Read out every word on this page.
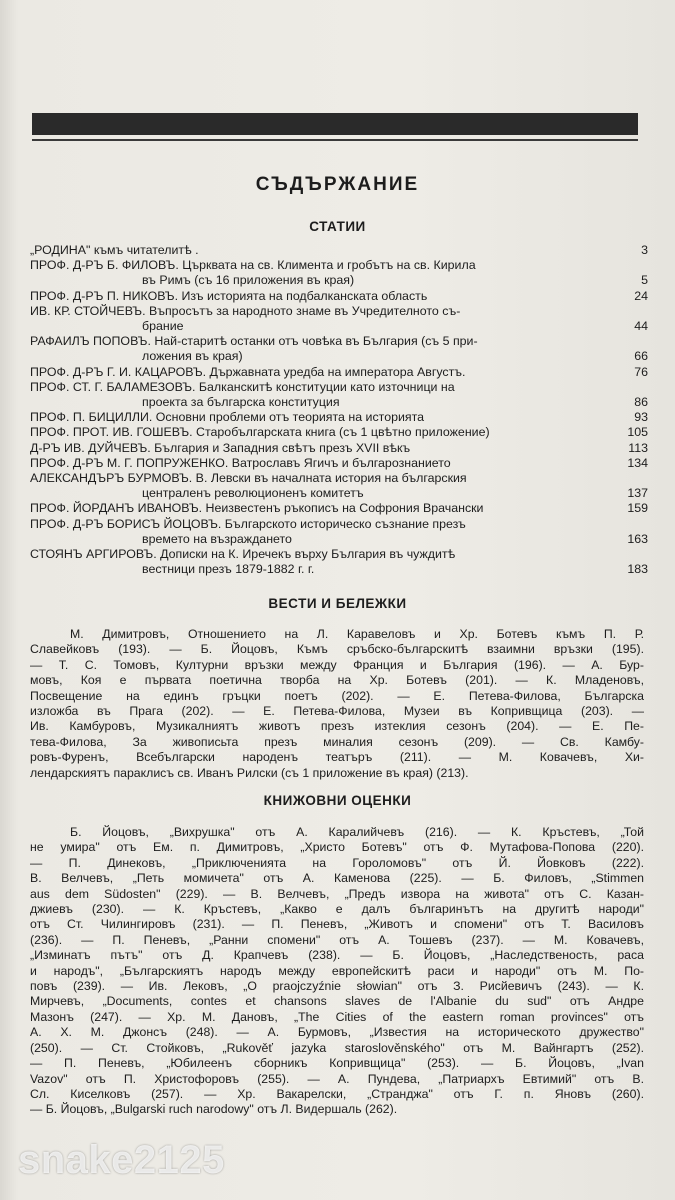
СЪДЪРЖАНИЕ
СТАТИИ
„РОДИНА" къмъ читателитѣ .	3
ПРОФ. Д-РЪ Б. ФИЛОВЪ. Църквата на св. Климента и гробътъ на св. Кирила
въ Римъ (съ 16 приложения въ края)	5
ПРОФ. Д-РЪ П. НИКОВЪ. Изъ историята на подбалканската область	24
ИВ. КР. СТОЙЧЕВЪ. Въпросътъ за народното знаме въ Учредителното съ-
брание	44
РАФАИЛЪ ПОПОВЪ. Най-старитѣ останки отъ човѣка въ България (съ 5 при-
ложения въ края)	66
ПРОФ. Д-РЪ Г. И. КАЦАРОВЪ. Държавната уредба на императора Августъ.	76
ПРОФ. СТ. Г. БАЛАМЕЗОВЪ. Балканскитѣ конституции като източници на
проекта за българска конституция	86
ПРОФ. П. БИЦИЛЛИ. Основни проблеми отъ теорията на историята	93
ПРОФ. ПРОТ. ИВ. ГОШЕВЪ. Старобългарската книга (съ 1 цвѣтно приложение)	105
Д-РЪ ИВ. ДУЙЧЕВЪ. България и Западния свѣтъ презъ XVII вѣкъ	113
ПРОФ. Д-РЪ М. Г. ПОПРУЖЕНКО. Ватрославъ Ягичъ и българознанието	134
АЛЕКСАНДЪРЪ БУРМОВЪ. В. Левски въ началната история на българския
централенъ революционенъ комитетъ	137
ПРОФ. ЙОРДАНЪ ИВАНОВЪ. Неизвестенъ ръкописъ на Софрония Врачански	159
ПРОФ. Д-РЪ БОРИСЪ ЙОЦОВЪ. Българското историческо съзнание презъ
времето на възраждането	163
СТОЯНЪ АРГИРОВЪ. Дописки на К. Иречекъ върху България въ чуждитѣ
вестници презъ 1879-1882 г. г.	183
ВЕСТИ И БЕЛЕЖКИ
М. Димитровъ, Отношението на Л. Каравеловъ и Хр. Ботевъ къмъ П. Р.
Славейковъ (193). — Б. Йоцовъ, Къмъ сръбско-българскитѣ взаимни връзки (195).
— Т. С. Томовъ, Културни връзки между Франция и България (196). — А. Бур-
мовъ, Коя е първата поетична творба на Хр. Ботевъ (201). — К. Младеновъ,
Посвещение на единъ гръцки поетъ (202). — Е. Петева-Филова, Българска
изложба въ Прага (202). — Е. Петева-Филова, Музеи въ Копривщица (203). —
Ив. Камбуровъ, Музикалниятъ животъ презъ изтеклия сезонъ (204). — Е. Пе-
тева-Филова, За живописьта презъ миналия сезонъ (209). — Св. Камбу-
ровъ-Фуренъ, Всебългарски народенъ театъръ (211). — М. Ковачевъ, Хи-
лендарскиятъ параклисъ св. Иванъ Рилски (съ 1 приложение въ края) (213).
КНИЖОВНИ ОЦЕНКИ
Б. Йоцовъ, „Вихрушка" отъ А. Каралийчевъ (216). — К. Кръстевъ, „Той
не умира" отъ Ем. п. Димитровъ, „Христо Ботевъ" отъ Ф. Мутафова-Попова (220).
— П. Динековъ, „Приключенията на Гороломовъ" отъ Й. Йовковъ (222).
В. Велчевъ, „Петь момичета" отъ А. Каменова (225). — Б. Филовъ, „Stimmen
aus dem Südosten" (229). — В. Велчевъ, „Предъ извора на живота" отъ С. Казан-
джиевъ (230). — К. Кръстевъ, „Какво е далъ българинътъ на другитѣ народи"
отъ Ст. Чилингировъ (231). — П. Пеневъ, „Животъ и спомени" отъ Т. Василовъ
(236). — П. Пеневъ, „Ранни спомени" отъ А. Тошевъ (237). — М. Ковачевъ,
„Изминатъ пътъ" отъ Д. Крапчевъ (238). — Б. Йоцовъ, „Наследственость, раса
и народъ", „Българскиятъ народъ между европейскитѣ раси и народи" отъ М. По-
повъ (239). — Ив. Лековъ, „O praojczyźnie słowian" отъ З. Рисйевичъ (243). — К.
Мирчевъ, „Documents, contes et chansons slaves de l'Albanie du sud" отъ Андре
Мазонъ (247). — Хр. М. Дановъ, „The Cities of the eastern roman provinces" отъ
А. Х. М. Джонсъ (248). — А. Бурмовъ, „Известия на историческото дружество"
(250). — Ст. Стойковъ, „Rukověť jazyka staroslověnského" отъ М. Вайнгартъ (252).
— П. Пеневъ, „Юбилеенъ сборникъ Копривщица" (253). — Б. Йоцовъ, „Ivan
Vazov" отъ П. Христофоровъ (255). — А. Пундева, „Патриархъ Евтимий" отъ В.
Сл. Киселковъ (257). — Хр. Вакарелски, „Странджа" отъ Г. п. Яновъ (260).
— Б. Йоцовъ, „Bulgarski ruch narodowy" отъ Л. Видершаль (262).
snake2125
